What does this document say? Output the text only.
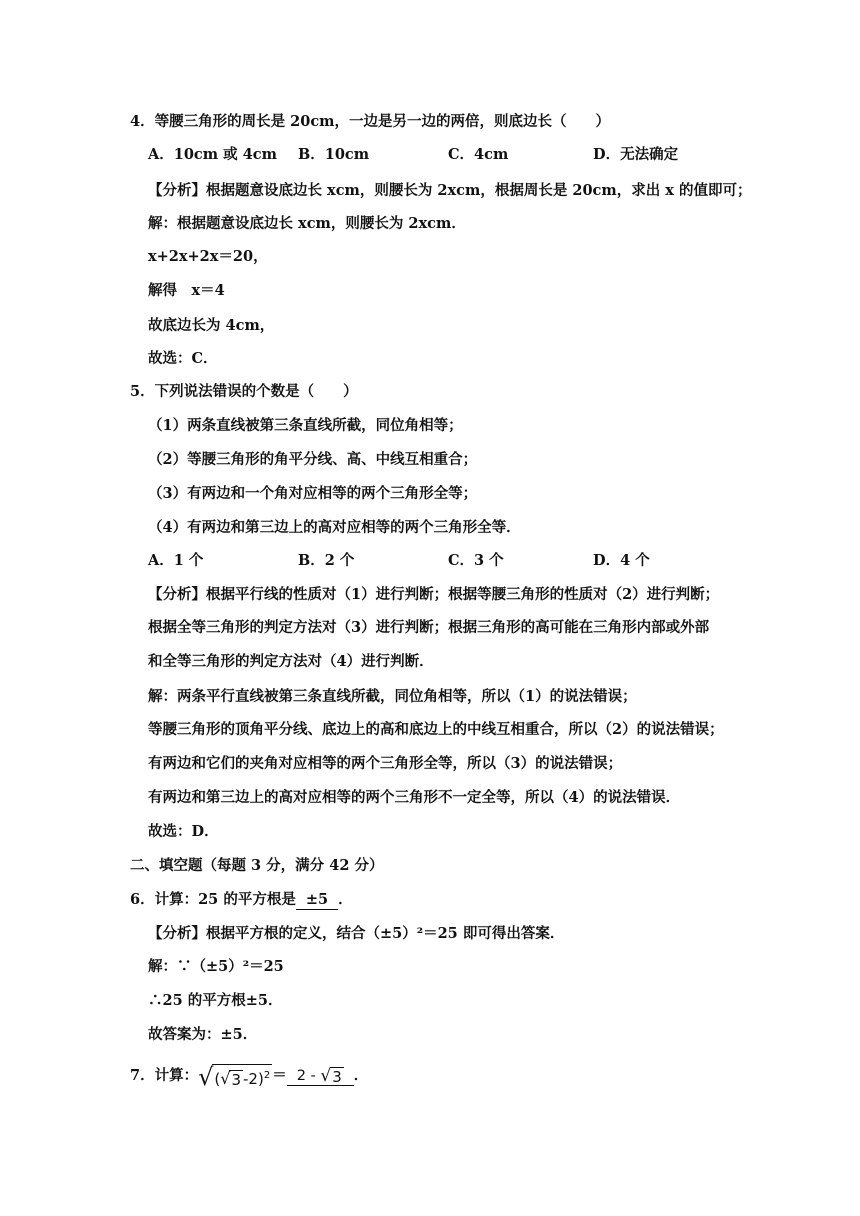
4．等腰三角形的周长是 20cm，一边是另一边的两倍，则底边长（　　）
A．10cm 或 4cm B．10cm	C．4cm	D．无法确定
【分析】根据题意设底边长 xcm，则腰长为 2xcm，根据周长是 20cm，求出 x 的值即可；
解：根据题意设底边长 xcm，则腰长为 2xcm．
x+2x+2x＝20，
解得　x＝4
故底边长为 4cm，
故选：C．
5．下列说法错误的个数是（　　）
（1）两条直线被第三条直线所截，同位角相等；
（2）等腰三角形的角平分线、高、中线互相重合；
（3）有两边和一个角对应相等的两个三角形全等；
（4）有两边和第三边上的高对应相等的两个三角形全等．
A．1 个	B．2 个	C．3 个	D．4 个
【分析】根据平行线的性质对（1）进行判断；根据等腰三角形的性质对（2）进行判断；
根据全等三角形的判定方法对（3）进行判断；根据三角形的高可能在三角形内部或外部
和全等三角形的判定方法对（4）进行判断．
解：两条平行直线被第三条直线所截，同位角相等，所以（1）的说法错误；
等腰三角形的顶角平分线、底边上的高和底边上的中线互相重合，所以（2）的说法错误；
有两边和它们的夹角对应相等的两个三角形全等，所以（3）的说法错误；
有两边和第三边上的高对应相等的两个三角形不一定全等，所以（4）的说法错误．
故选：D．
二、填空题（每题 3 分，满分 42 分）
6．计算：25 的平方根是 ±5 ．
【分析】根据平方根的定义，结合（±5）²＝25 即可得出答案．
解：∵（±5）²＝25
∴25 的平方根±5．
故答案为：±5．
7．计算： √ ( √ 3 -2)$^2$ ＝ 2 - √ 3 ．
